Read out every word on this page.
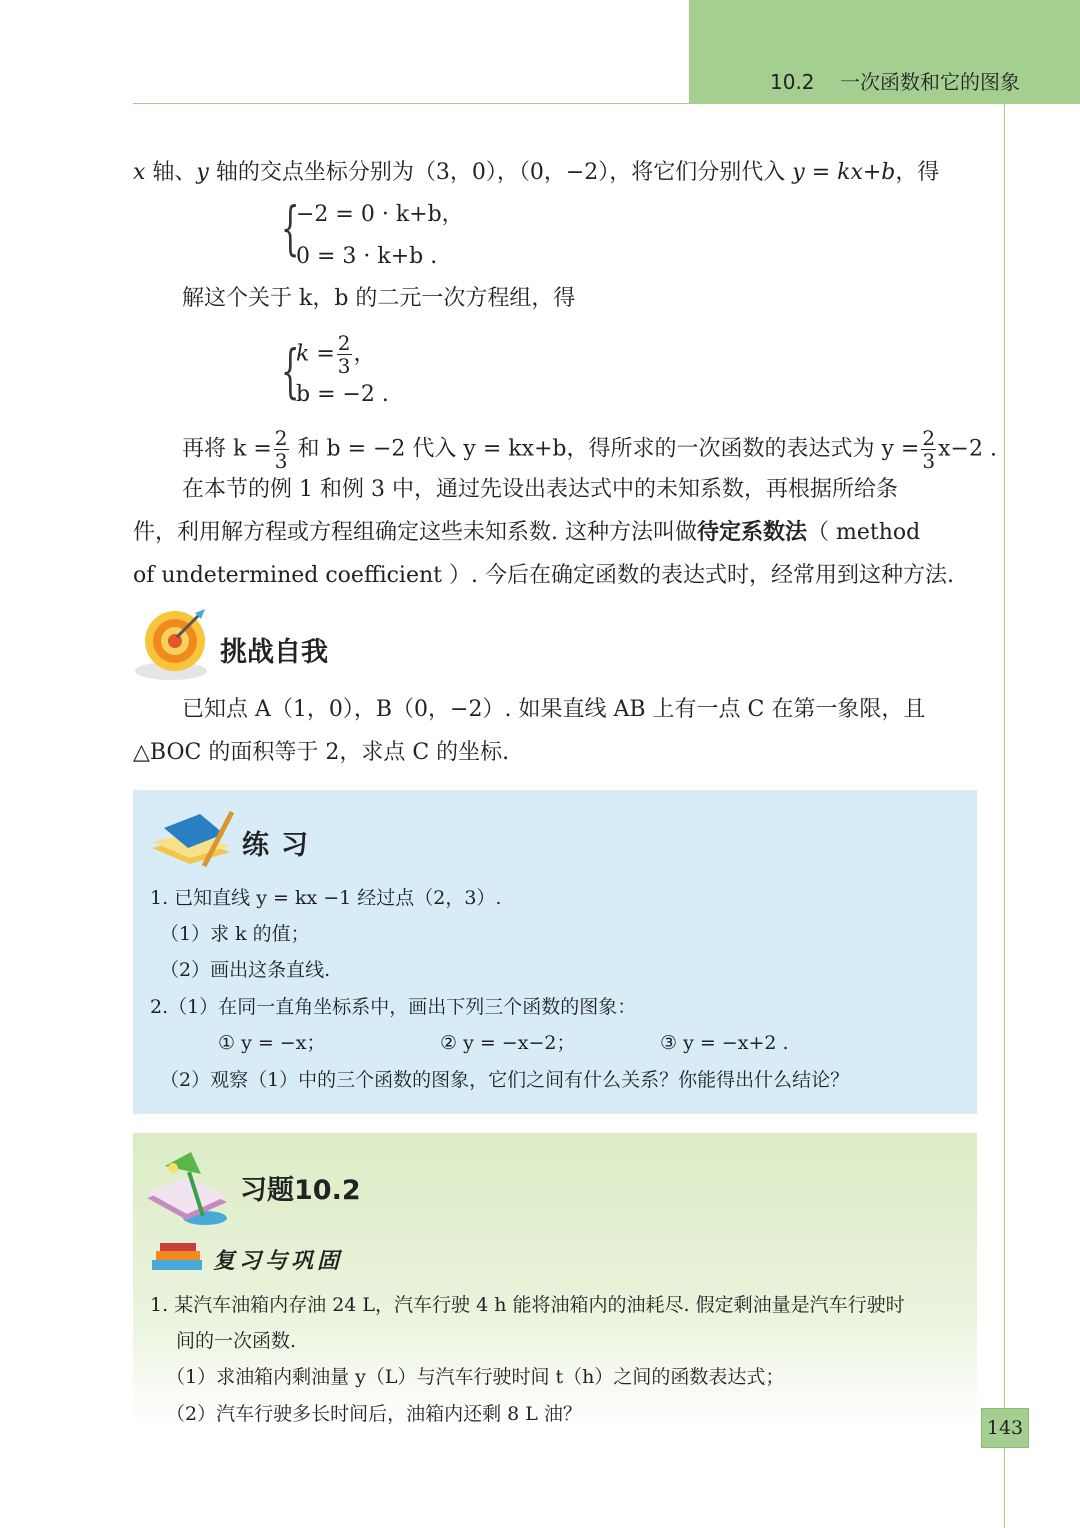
10.2    一次函数和它的图象
x 轴、y 轴的交点坐标分别为（3，0），（0，−2），将它们分别代入 y = kx+b，得
{
−2 = 0 · k+b，
0 = 3 · k+b .
解这个关于 k，b 的二元一次方程组，得
{
$k = \frac{2}{3}$ ，
b = −2 .
再将 $k = \frac{2}{3}$ 和 b = −2 代入 y = kx+b，得所求的一次函数的表达式为 $y = \frac{2}{3} x-2$ .
在本节的例 1 和例 3 中，通过先设出表达式中的未知系数，再根据所给条
件，利用解方程或方程组确定这些未知系数. 这种方法叫做待定系数法（ method
of undetermined coefficient ）. 今后在确定函数的表达式时，经常用到这种方法.
挑战自我
已知点 A（1，0），B（0，−2）. 如果直线 AB 上有一点 C 在第一象限，且
△BOC 的面积等于 2，求点 C 的坐标.
练习
1. 已知直线 y = kx −1 经过点（2，3）.
（1）求 k 的值；
（2）画出这条直线.
2.（1）在同一直角坐标系中，画出下列三个函数的图象：
① y = −x；	② y = −x−2；	③ y = −x+2 .
（2）观察（1）中的三个函数的图象，它们之间有什么关系？你能得出什么结论？
习题10.2
复习与巩固
1. 某汽车油箱内存油 24 L，汽车行驶 4 h 能将油箱内的油耗尽. 假定剩油量是汽车行驶时
间的一次函数.
（1）求油箱内剩油量 y（L）与汽车行驶时间 t（h）之间的函数表达式；
（2）汽车行驶多长时间后，油箱内还剩 8 L 油？
143
